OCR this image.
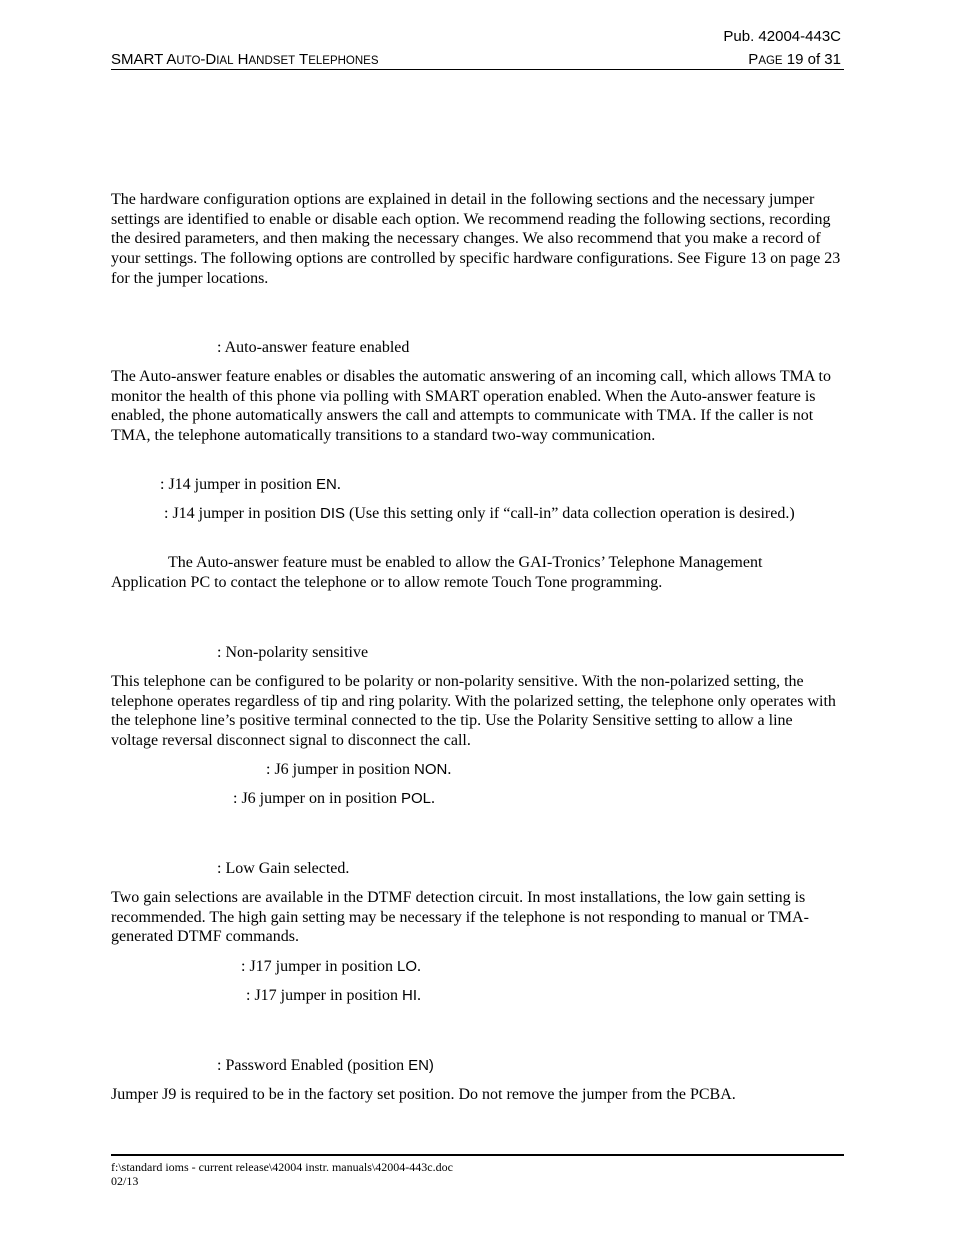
Pub. 42004-443C
SMART AUTO-DIAL HANDSET TELEPHONES	PAGE 19 of 31

The hardware configuration options are explained in detail in the following sections and the necessary jumper settings are identified to enable or disable each option. We recommend reading the following sections, recording the desired parameters, and then making the necessary changes. We also recommend that you make a record of your settings. The following options are controlled by specific hardware configurations. See Figure 13 on page 23 for the jumper locations.

: Auto-answer feature enabled

The Auto-answer feature enables or disables the automatic answering of an incoming call, which allows TMA to monitor the health of this phone via polling with SMART operation enabled. When the Auto-answer feature is enabled, the phone automatically answers the call and attempts to communicate with TMA. If the caller is not TMA, the telephone automatically transitions to a standard two-way communication.

: J14 jumper in position EN.

: J14 jumper in position DIS (Use this setting only if “call-in” data collection operation is desired.)

The Auto-answer feature must be enabled to allow the GAI-Tronics’ Telephone Management Application PC to contact the telephone or to allow remote Touch Tone programming.

: Non-polarity sensitive

This telephone can be configured to be polarity or non-polarity sensitive. With the non-polarized setting, the telephone operates regardless of tip and ring polarity. With the polarized setting, the telephone only operates with the telephone line’s positive terminal connected to the tip. Use the Polarity Sensitive setting to allow a line voltage reversal disconnect signal to disconnect the call.

: J6 jumper in position NON.
: J6 jumper on in position POL.
: Low Gain selected.

Two gain selections are available in the DTMF detection circuit. In most installations, the low gain setting is recommended. The high gain setting may be necessary if the telephone is not responding to manual or TMA-generated DTMF commands.

: J17 jumper in position LO.
: J17 jumper in position HI.
: Password Enabled (position EN)

Jumper J9 is required to be in the factory set position. Do not remove the jumper from the PCBA.

f:\standard ioms - current release\42004 instr. manuals\42004-443c.doc
02/13
